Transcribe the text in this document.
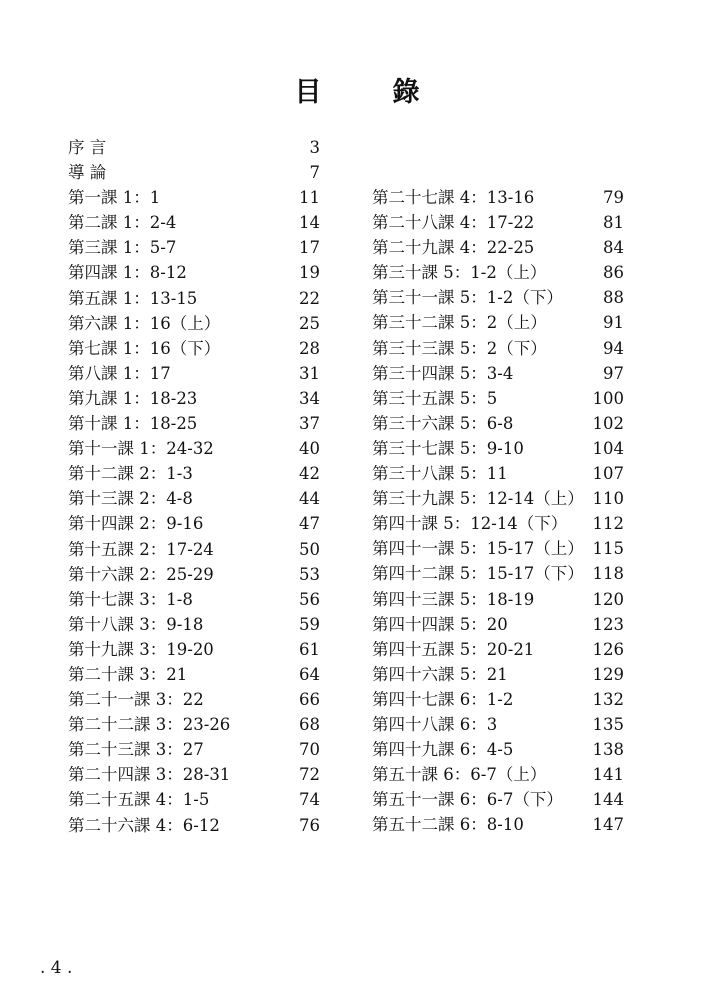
目　錄
序 言	3
導 論	7
第一課 1：1	11
第二課 1：2-4	14
第三課 1：5-7	17
第四課 1：8-12	19
第五課 1：13-15	22
第六課 1：16（上）	25
第七課 1：16（下）	28
第八課 1：17	31
第九課 1：18-23	34
第十課 1：18-25	37
第十一課 1：24-32	40
第十二課 2：1-3	42
第十三課 2：4-8	44
第十四課 2：9-16	47
第十五課 2：17-24	50
第十六課 2：25-29	53
第十七課 3：1-8	56
第十八課 3：9-18	59
第十九課 3：19-20	61
第二十課 3：21	64
第二十一課 3：22	66
第二十二課 3：23-26	68
第二十三課 3：27	70
第二十四課 3：28-31	72
第二十五課 4：1-5	74
第二十六課 4：6-12	76
第二十七課 4：13-16	79
第二十八課 4：17-22	81
第二十九課 4：22-25	84
第三十課 5：1-2（上）	86
第三十一課 5：1-2（下）	88
第三十二課 5：2（上）	91
第三十三課 5：2（下）	94
第三十四課 5：3-4	97
第三十五課 5：5	100
第三十六課 5：6-8	102
第三十七課 5：9-10	104
第三十八課 5：11	107
第三十九課 5：12-14（上） 110
第四十課 5：12-14（下） 112
第四十一課 5：15-17（上） 115
第四十二課 5：15-17（下） 118
第四十三課 5：18-19	120
第四十四課 5：20	123
第四十五課 5：20-21	126
第四十六課 5：21	129
第四十七課 6：1-2	132
第四十八課 6：3	135
第四十九課 6：4-5	138
第五十課 6：6-7（上）	141
第五十一課 6：6-7（下） 144
第五十二課 6：8-10	147
. 4 .
